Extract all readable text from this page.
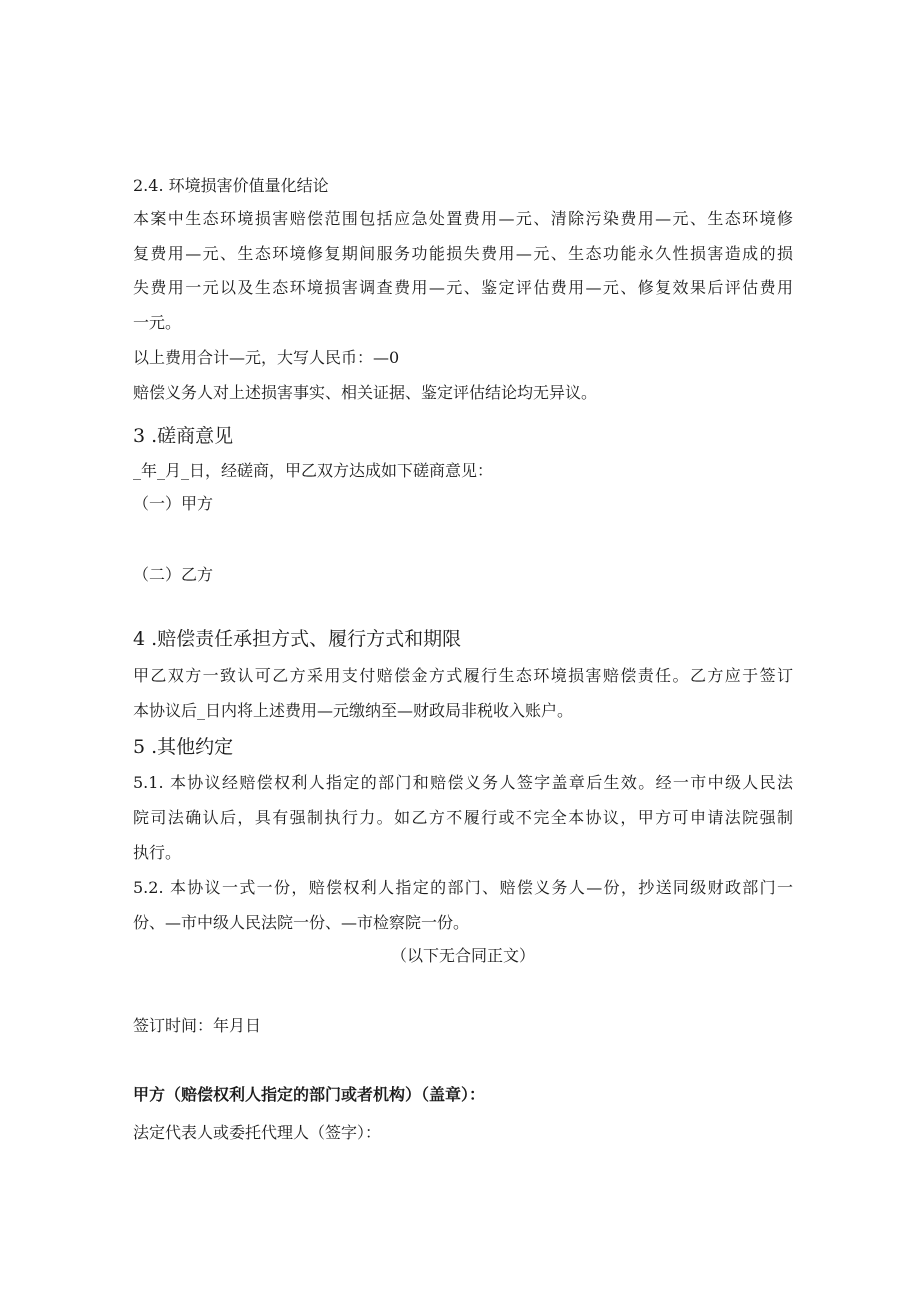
2.4. 环境损害价值量化结论
本案中生态环境损害赔偿范围包括应急处置费用—元、清除污染费用—元、生态环境修
复费用—元、生态环境修复期间服务功能损失费用—元、生态功能永久性损害造成的损
失费用一元以及生态环境损害调查费用—元、鉴定评估费用—元、修复效果后评估费用
一元。
以上费用合计—元，大写人民币：—0
赔偿义务人对上述损害事实、相关证据、鉴定评估结论均无异议。
3 .磋商意见
_年_月_日，经磋商，甲乙双方达成如下磋商意见：
（一）甲方
（二）乙方
4 .赔偿责任承担方式、履行方式和期限
甲乙双方一致认可乙方采用支付赔偿金方式履行生态环境损害赔偿责任。乙方应于签订
本协议后_日内将上述费用—元缴纳至—财政局非税收入账户。
5 .其他约定
5.1. 本协议经赔偿权利人指定的部门和赔偿义务人签字盖章后生效。经一市中级人民法
院司法确认后，具有强制执行力。如乙方不履行或不完全本协议，甲方可申请法院强制
执行。
5.2. 本协议一式一份，赔偿权利人指定的部门、赔偿义务人—份，抄送同级财政部门一
份、—市中级人民法院一份、—市检察院一份。
（以下无合同正文）
签订时间：年月日
甲方（赔偿权利人指定的部门或者机构）（盖章）：
法定代表人或委托代理人（签字）：
